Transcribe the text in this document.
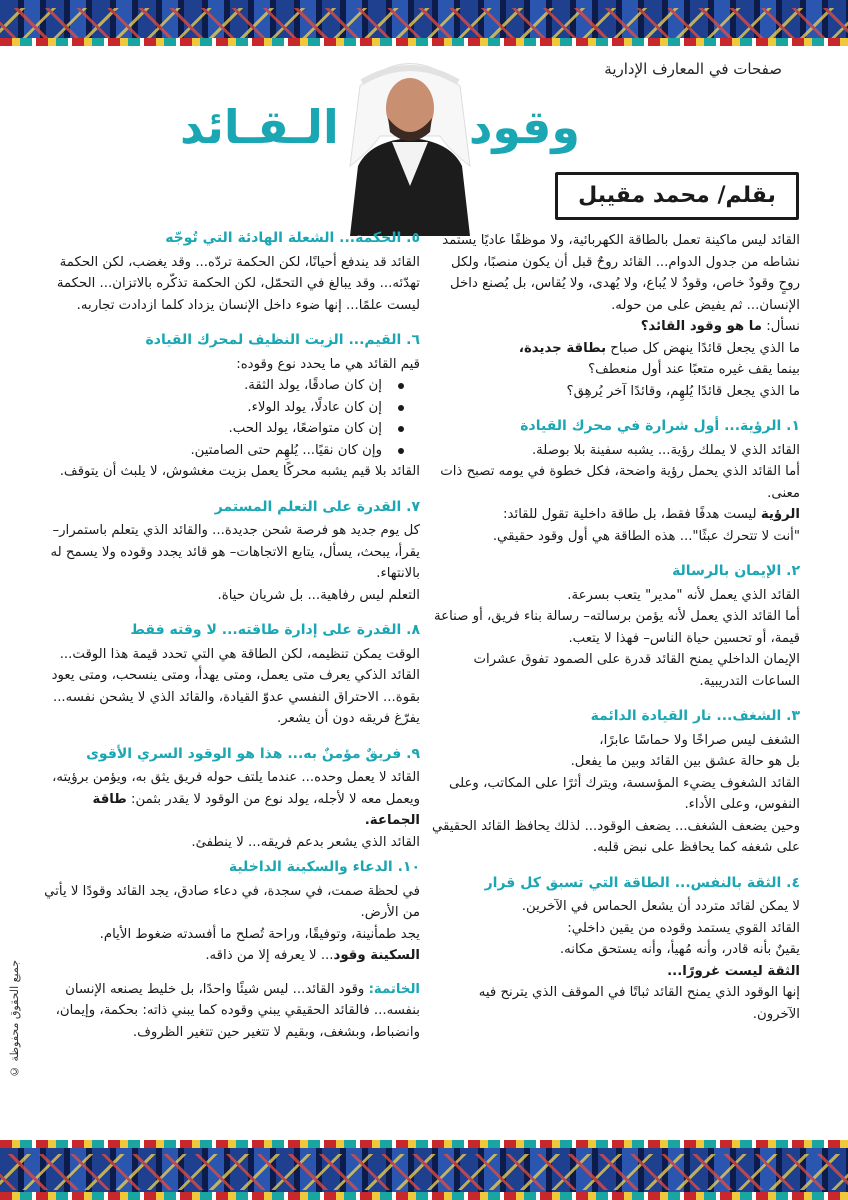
صفحات في المعارف الإدارية
وقود
الـقـائد
بقلم/ محمد مقيبل

القائد ليس ماكينة تعمل بالطاقة الكهربائية، ولا موظفًا عاديًا يستمد نشاطه من جدول الدوام... القائد روحٌ قبل أن يكون منصبًا، ولكل روحٍ وقودٌ خاص، وقودٌ لا يُباع، ولا يُهدى، ولا يُقاس، بل يُصنع داخل الإنسان... ثم يفيض على من حوله.

نسأل: ما هو وقود القائد؟

ما الذي يجعل قائدًا ينهض كل صباح بطاقة جديدة،

بينما يقف غيره متعبًا عند أول منعطف؟

ما الذي يجعل قائدًا يُلهِم، وقائدًا آخر يُرهِق؟

١. الرؤية... أول شرارة في محرك القيادة

القائد الذي لا يملك رؤية... يشبه سفينة بلا بوصلة.

أما القائد الذي يحمل رؤية واضحة، فكل خطوة في يومه تصبح ذات معنى.

الرؤية ليست هدفًا فقط، بل طاقة داخلية تقول للقائد:

"أنت لا تتحرك عبثًا"... هذه الطاقة هي أول وقود حقيقي.

٢. الإيمان بالرسالة

القائد الذي يعمل لأنه "مدير" يتعب بسرعة.

أما القائد الذي يعمل لأنه يؤمن برسالته– رسالة بناء فريق، أو صناعة قيمة، أو تحسين حياة الناس– فهذا لا يتعب.

الإيمان الداخلي يمنح القائد قدرة على الصمود تفوق عشرات الساعات التدريبية.

٣. الشغف... نار القيادة الدائمة

الشغف ليس صراخًا ولا حماسًا عابرًا،

بل هو حالة عشق بين القائد وبين ما يفعل.

القائد الشغوف يضيء المؤسسة، ويترك أثرًا على المكاتب، وعلى النفوس، وعلى الأداء.

وحين يضعف الشغف... يضعف الوقود... لذلك يحافظ القائد الحقيقي على شغفه كما يحافظ على نبض قلبه.

٤. الثقة بالنفس... الطاقة التي تسبق كل قرار

لا يمكن لقائد متردد أن يشعل الحماس في الآخرين.

القائد القوي يستمد وقوده من يقين داخلي:

يقينٌ بأنه قادر، وأنه مُهيأ، وأنه يستحق مكانه.

الثقة ليست غرورًا...

إنها الوقود الذي يمنح القائد ثباتًا في الموقف الذي يترنح فيه الآخرون.

٥. الحكمة... الشعلة الهادئة التي تُوجّه

القائد قد يندفع أحيانًا، لكن الحكمة تردّه... وقد يغضب، لكن الحكمة تهدّئه... وقد يبالغ في التحمّل، لكن الحكمة تذكّره بالاتزان... الحكمة ليست علمًا... إنها ضوء داخل الإنسان يزداد كلما ازدادت تجاربه.

٦. القيم... الزيت النظيف لمحرك القيادة

قيم القائد هي ما يحدد نوع وقوده:

إن كان صادقًا، يولد الثقة.
إن كان عادلًا، يولد الولاء.
إن كان متواضعًا، يولد الحب.
وإن كان نقيًا... يُلهِم حتى الصامتين.

القائد بلا قيم يشبه محركًا يعمل بزيت مغشوش، لا يلبث أن يتوقف.

٧. القدرة على التعلم المستمر

كل يوم جديد هو فرصة شحن جديدة... والقائد الذي يتعلم باستمرار– يقرأ، يبحث، يسأل، يتابع الاتجاهات– هو قائد يجدد وقوده ولا يسمح له بالانتهاء.

التعلم ليس رفاهية... بل شريان حياة.

٨. القدرة على إدارة طاقته... لا وقته فقط

الوقت يمكن تنظيمه، لكن الطاقة هي التي تحدد قيمة هذا الوقت... القائد الذكي يعرف متى يعمل، ومتى يهدأ، ومتى ينسحب، ومتى يعود بقوة... الاحتراق النفسي عدوّ القيادة، والقائد الذي لا يشحن نفسه... يفرّغ فريقه دون أن يشعر.

٩. فريقٌ مؤمنٌ به... هذا هو الوقود السري الأقوى

القائد لا يعمل وحده... عندما يلتف حوله فريق يثق به، ويؤمن برؤيته، ويعمل معه لا لأجله، يولد نوع من الوقود لا يقدر بثمن: طاقة الجماعة.

القائد الذي يشعر بدعم فريقه... لا ينطفئ.

١٠. الدعاء والسكينة الداخلية

في لحظة صمت، في سجدة، في دعاء صادق، يجد القائد وقودًا لا يأتي من الأرض.

يجد طمأنينة، وتوفيقًا، وراحة تُصلح ما أفسدته ضغوط الأيام.

السكينة وقود... لا يعرفه إلا من ذاقه.

الخاتمة: وقود القائد... ليس شيئًا واحدًا، بل خليط يصنعه الإنسان بنفسه... فالقائد الحقيقي يبني وقوده كما يبني ذاته: بحكمة، وإيمان، وانضباط، وبشغف، وبقيم لا تتغير حين تتغير الظروف.

جميع الحقوق محفوظة ©
